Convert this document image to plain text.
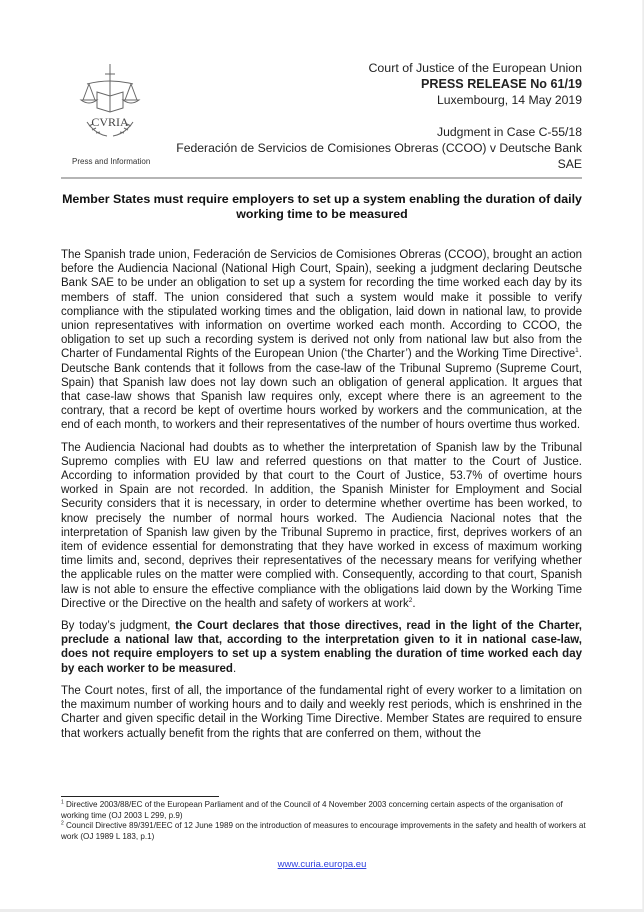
CVRIA
Press and Information
Court of Justice of the European Union
PRESS RELEASE No 61/19
Luxembourg, 14 May 2019
Judgment in Case C-55/18
Federación de Servicios de Comisiones Obreras (CCOO) v Deutsche Bank
SAE
Member States must require employers to set up a system enabling the duration of daily working time to be measured

The Spanish trade union, Federación de Servicios de Comisiones Obreras (CCOO), brought an action before the Audiencia Nacional (National High Court, Spain), seeking a judgment declaring Deutsche Bank SAE to be under an obligation to set up a system for recording the time worked each day by its members of staff. The union considered that such a system would make it possible to verify compliance with the stipulated working times and the obligation, laid down in national law, to provide union representatives with information on overtime worked each month. According to CCOO, the obligation to set up such a recording system is derived not only from national law but also from the Charter of Fundamental Rights of the European Union (‘the Charter’) and the Working Time Directive$^1$. Deutsche Bank contends that it follows from the case-law of the Tribunal Supremo (Supreme Court, Spain) that Spanish law does not lay down such an obligation of general application. It argues that that case-law shows that Spanish law requires only, except where there is an agreement to the contrary, that a record be kept of overtime hours worked by workers and the communication, at the end of each month, to workers and their representatives of the number of hours overtime thus worked.

The Audiencia Nacional had doubts as to whether the interpretation of Spanish law by the Tribunal Supremo complies with EU law and referred questions on that matter to the Court of Justice. According to information provided by that court to the Court of Justice, 53.7% of overtime hours worked in Spain are not recorded. In addition, the Spanish Minister for Employment and Social Security considers that it is necessary, in order to determine whether overtime has been worked, to know precisely the number of normal hours worked. The Audiencia Nacional notes that the interpretation of Spanish law given by the Tribunal Supremo in practice, first, deprives workers of an item of evidence essential for demonstrating that they have worked in excess of maximum working time limits and, second, deprives their representatives of the necessary means for verifying whether the applicable rules on the matter were complied with. Consequently, according to that court, Spanish law is not able to ensure the effective compliance with the obligations laid down by the Working Time Directive or the Directive on the health and safety of workers at work$^2$.

By today’s judgment, the Court declares that those directives, read in the light of the Charter, preclude a national law that, according to the interpretation given to it in national case-law, does not require employers to set up a system enabling the duration of time worked each day by each worker to be measured.

The Court notes, first of all, the importance of the fundamental right of every worker to a limitation on the maximum number of working hours and to daily and weekly rest periods, which is enshrined in the Charter and given specific detail in the Working Time Directive. Member States are required to ensure that workers actually benefit from the rights that are conferred on them, without the

$^1$ Directive 2003/88/EC of the European Parliament and of the Council of 4 November 2003 concerning certain aspects of the organisation of working time (OJ 2003 L 299, p.9)
$^2$ Council Directive 89/391/EEC of 12 June 1989 on the introduction of measures to encourage improvements in the safety and health of workers at work (OJ 1989 L 183, p.1)
www.curia.europa.eu
